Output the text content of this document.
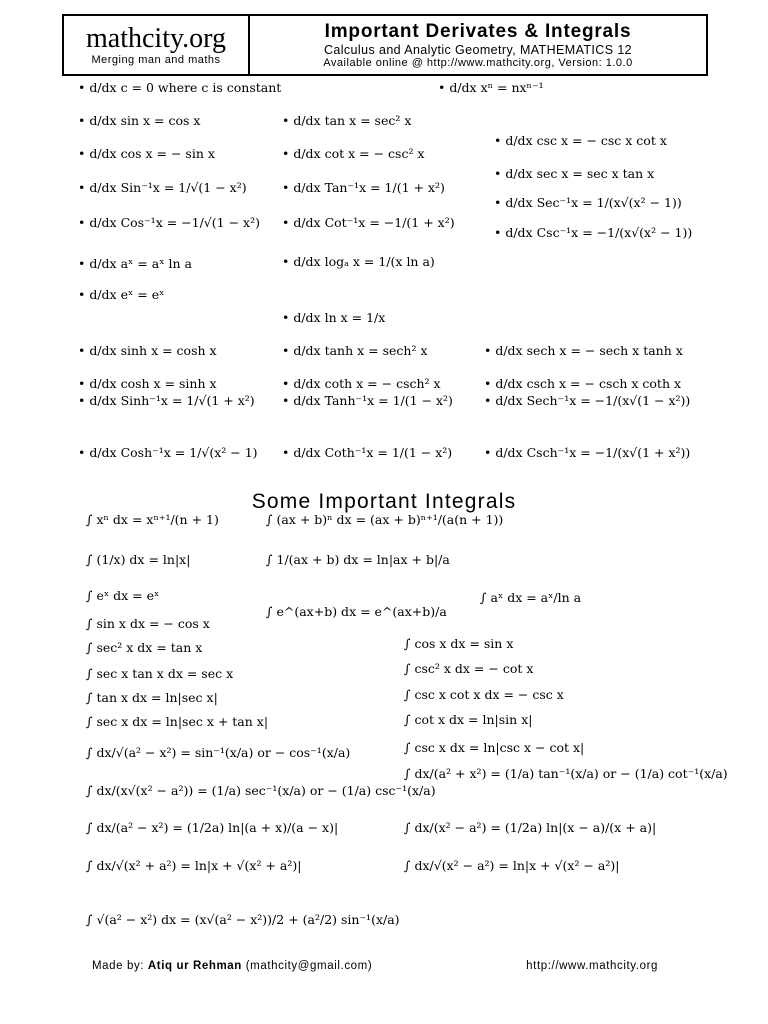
mathcity.org
Merging man and maths
Important Derivates & Integrals
Calculus and Analytic Geometry, MATHEMATICS 12
Available online @ http://www.mathcity.org, Version: 1.0.0
• d/dx c = 0 where c is constant	• d/dx xⁿ = nxⁿ⁻¹
• d/dx sin x = cos x	• d/dx tan x = sec² x
• d/dx csc x = − csc x cot x
• d/dx cos x = − sin x	• d/dx cot x = − csc² x
• d/dx sec x = sec x tan x
• d/dx Sin⁻¹x = 1/√(1 − x²)	• d/dx Tan⁻¹x = 1/(1 + x²)
• d/dx Sec⁻¹x = 1/(x√(x² − 1))
• d/dx Cos⁻¹x = −1/√(1 − x²) • d/dx Cot⁻¹x = −1/(1 + x²)
• d/dx Csc⁻¹x = −1/(x√(x² − 1))
• d/dx aˣ = aˣ ln a	• d/dx logₐ x = 1/(x ln a)
• d/dx eˣ = eˣ
• d/dx ln x = 1/x
• d/dx sinh x = cosh x	• d/dx tanh x = sech² x	• d/dx sech x = − sech x tanh x
• d/dx cosh x = sinh x	• d/dx coth x = − csch² x	• d/dx csch x = − csch x coth x
• d/dx Sinh⁻¹x = 1/√(1 + x²) • d/dx Tanh⁻¹x = 1/(1 − x²) • d/dx Sech⁻¹x = −1/(x√(1 − x²))
• d/dx Cosh⁻¹x = 1/√(x² − 1) • d/dx Coth⁻¹x = 1/(1 − x²)	• d/dx Csch⁻¹x = −1/(x√(1 + x²))
Some Important Integrals
∫ xⁿ dx = xⁿ⁺¹/(n + 1)	∫ (ax + b)ⁿ dx = (ax + b)ⁿ⁺¹/(a(n + 1))
∫ (1/x) dx = ln|x|	∫ 1/(ax + b) dx = ln|ax + b|/a
∫ eˣ dx = eˣ
∫ e^(ax+b) dx = e^(ax+b)/a
∫ aˣ dx = aˣ/ln a
∫ sin x dx = − cos x
∫ cos x dx = sin x
∫ sec² x dx = tan x
∫ csc² x dx = − cot x
∫ sec x tan x dx = sec x
∫ csc x cot x dx = − csc x
∫ tan x dx = ln|sec x|
∫ cot x dx = ln|sin x|
∫ sec x dx = ln|sec x + tan x|
∫ csc x dx = ln|csc x − cot x|
∫ dx/√(a² − x²) = sin⁻¹(x/a) or − cos⁻¹(x/a)
∫ dx/(a² + x²) = (1/a) tan⁻¹(x/a) or − (1/a) cot⁻¹(x/a)
∫ dx/(x√(x² − a²)) = (1/a) sec⁻¹(x/a) or − (1/a) csc⁻¹(x/a)
∫ dx/(a² − x²) = (1/2a) ln|(a + x)/(a − x)|	∫ dx/(x² − a²) = (1/2a) ln|(x − a)/(x + a)|
∫ dx/√(x² + a²) = ln|x + √(x² + a²)|	∫ dx/√(x² − a²) = ln|x + √(x² − a²)|
∫ √(a² − x²) dx = (x√(a² − x²))/2 + (a²/2) sin⁻¹(x/a)
Made by: Atiq ur Rehman (mathcity@gmail.com)	http://www.mathcity.org
